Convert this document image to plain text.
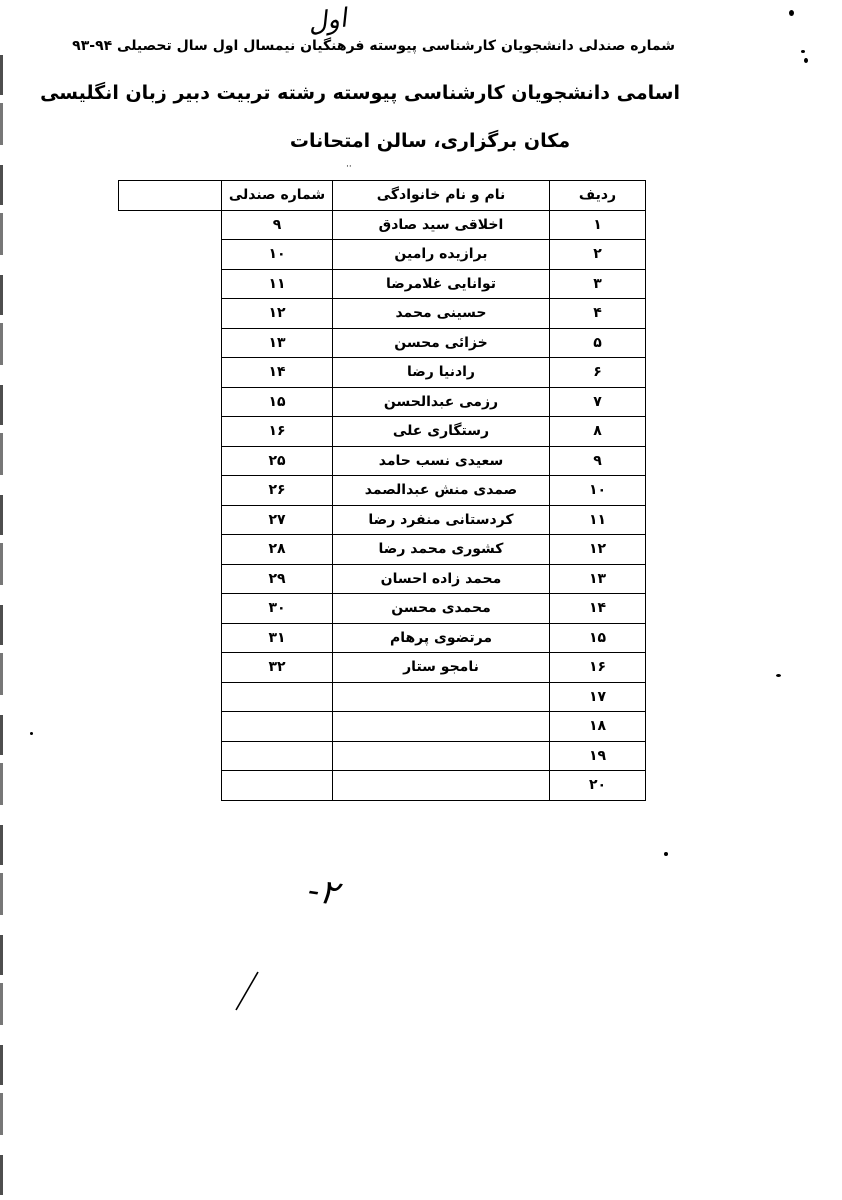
اول
شماره صندلی دانشجویان کارشناسی پیوسته فرهنگیان نیمسال اول سال تحصیلی ۹۴-۹۳
اسامی دانشجویان کارشناسی پیوسته رشته تربیت دبیر زبان انگلیسی
مکان برگزاری، سالن امتحانات
··
ردیف	نام و نام خانوادگی	شماره صندلی	
۱	اخلاقی سید صادق	۹	
۲	برازیده رامین	۱۰	
۳	توانایی غلامرضا	۱۱	
۴	حسینی محمد	۱۲	
۵	خزائی محسن	۱۳	
۶	رادنیا رضا	۱۴	
۷	رزمی عبدالحسن	۱۵	
۸	رستگاری علی	۱۶	
۹	سعیدی نسب حامد	۲۵	
۱۰	صمدی منش عبدالصمد	۲۶	
۱۱	کردستانی منفرد رضا	۲۷	
۱۲	کشوری محمد رضا	۲۸	
۱۳	محمد زاده احسان	۲۹	
۱۴	محمدی محسن	۳۰	
۱۵	مرتضوی پرهام	۳۱	
۱۶	نامجو ستار	۳۲	
۱۷			
۱۸			
۱۹			
۲۰			
-۲
